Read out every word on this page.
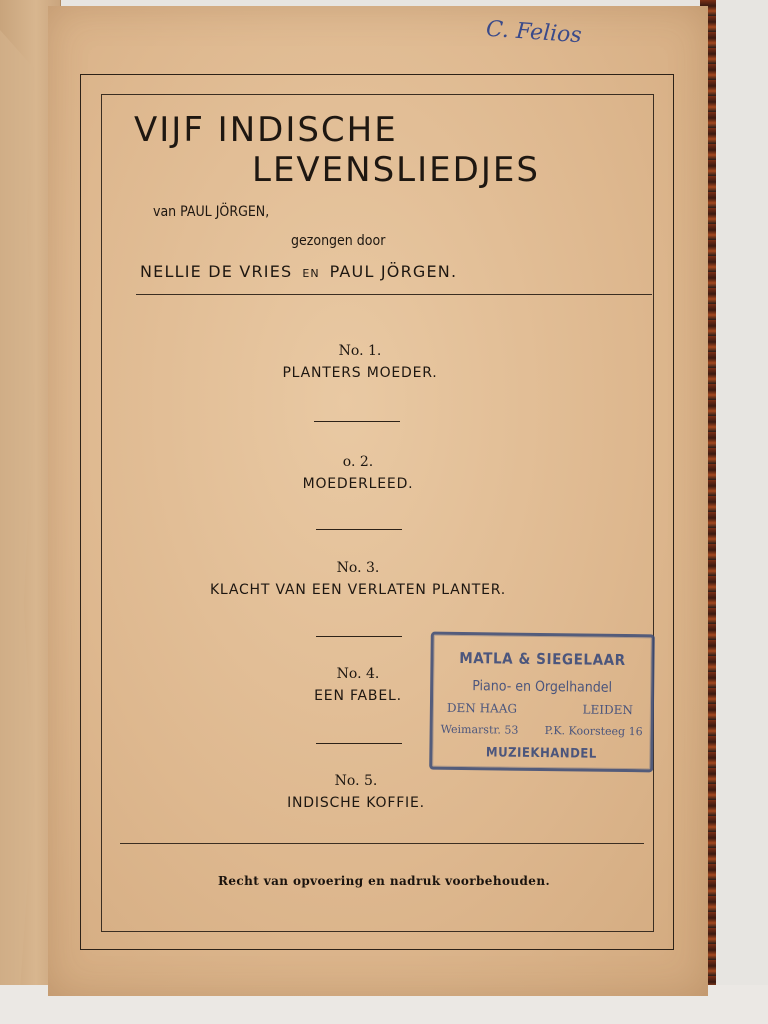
C. Felios
VIJF INDISCHE
LEVENSLIEDJES
van PAUL JÖRGEN,
gezongen door
NELLIE DE VRIES EN PAUL JÖRGEN.
No. 1.
PLANTERS MOEDER.
o. 2.
MOEDERLEED.
No. 3.
KLACHT VAN EEN VERLATEN PLANTER.
No. 4.
EEN FABEL.
No. 5.
INDISCHE KOFFIE.
Recht van opvoering en nadruk voorbehouden.
MATLA & SIEGELAAR
Piano- en Orgelhandel
DEN HAAG	LEIDEN
Weimarstr. 53 P.K. Koorsteeg 16
MUZIEKHANDEL
